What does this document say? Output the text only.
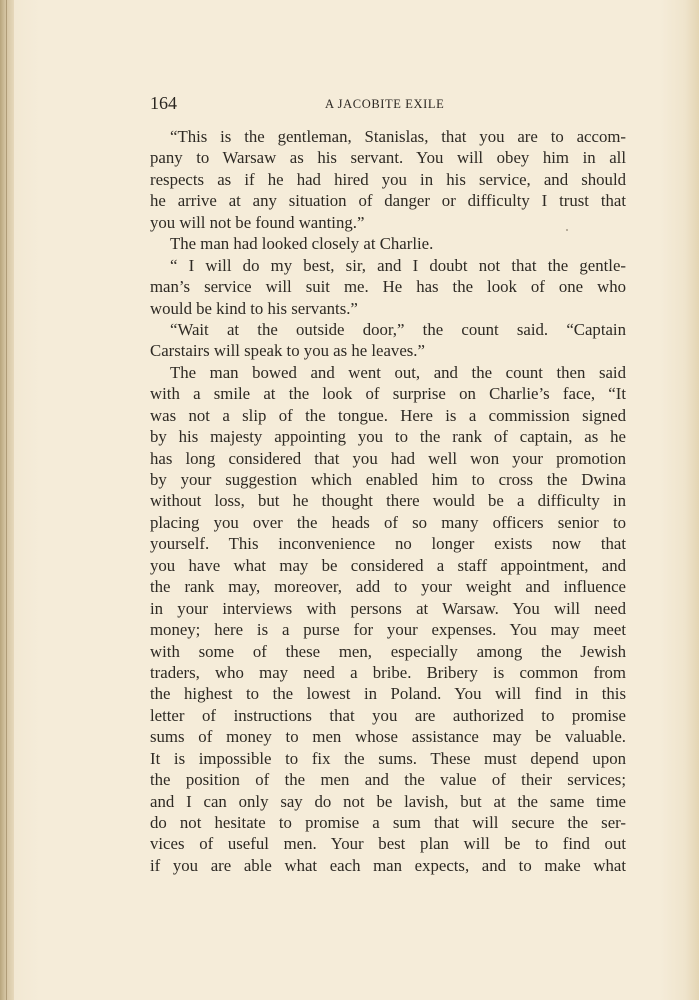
164	A JACOBITE EXILE
“This is the gentleman, Stanislas, that you are to accom-
pany to Warsaw as his servant. You will obey him in all
respects as if he had hired you in his service, and should
he arrive at any situation of danger or difficulty I trust that
you will not be found wanting.”
The man had looked closely at Charlie.
“ I will do my best, sir, and I doubt not that the gentle-
man’s service will suit me. He has the look of one who
would be kind to his servants.”
“Wait at the outside door,” the count said. “Captain
Carstairs will speak to you as he leaves.”
The man bowed and went out, and the count then said
with a smile at the look of surprise on Charlie’s face, “It
was not a slip of the tongue. Here is a commission signed
by his majesty appointing you to the rank of captain, as he
has long considered that you had well won your promotion
by your suggestion which enabled him to cross the Dwina
without loss, but he thought there would be a difficulty in
placing you over the heads of so many officers senior to
yourself. This inconvenience no longer exists now that
you have what may be considered a staff appointment, and
the rank may, moreover, add to your weight and influence
in your interviews with persons at Warsaw. You will need
money; here is a purse for your expenses. You may meet
with some of these men, especially among the Jewish
traders, who may need a bribe. Bribery is common from
the highest to the lowest in Poland. You will find in this
letter of instructions that you are authorized to promise
sums of money to men whose assistance may be valuable.
It is impossible to fix the sums. These must depend upon
the position of the men and the value of their services;
and I can only say do not be lavish, but at the same time
do not hesitate to promise a sum that will secure the ser-
vices of useful men. Your best plan will be to find out
if you are able what each man expects, and to make what
